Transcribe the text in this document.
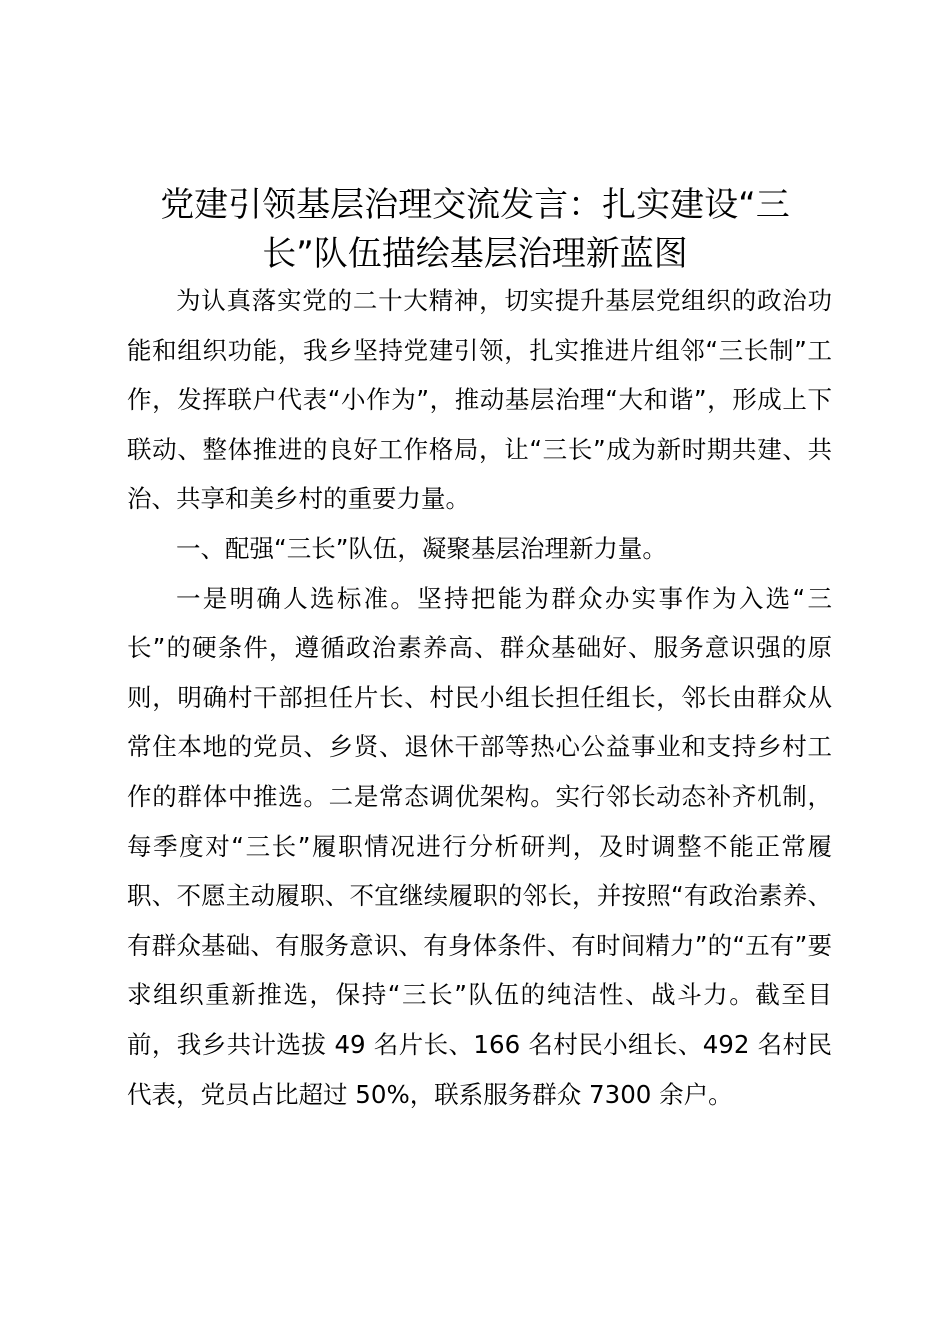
党建引领基层治理交流发言：扎实建设“三长”队伍描绘基层治理新蓝图

为认真落实党的二十大精神，切实提升基层党组织的政治功能和组织功能，我乡坚持党建引领，扎实推进片组邻“三长制”工作，发挥联户代表“小作为”，推动基层治理“大和谐”，形成上下联动、整体推进的良好工作格局，让“三长”成为新时期共建、共治、共享和美乡村的重要力量。

一、配强“三长”队伍，凝聚基层治理新力量。

一是明确人选标准。坚持把能为群众办实事作为入选“三长”的硬条件，遵循政治素养高、群众基础好、服务意识强的原则，明确村干部担任片长、村民小组长担任组长，邻长由群众从常住本地的党员、乡贤、退休干部等热心公益事业和支持乡村工作的群体中推选。二是常态调优架构。实行邻长动态补齐机制，每季度对“三长”履职情况进行分析研判，及时调整不能正常履职、不愿主动履职、不宜继续履职的邻长，并按照“有政治素养、有群众基础、有服务意识、有身体条件、有时间精力”的“五有”要求组织重新推选，保持“三长”队伍的纯洁性、战斗力。截至目前，我乡共计选拔 49 名片长、166 名村民小组长、492 名村民代表，党员占比超过 50%，联系服务群众 7300 余户。
